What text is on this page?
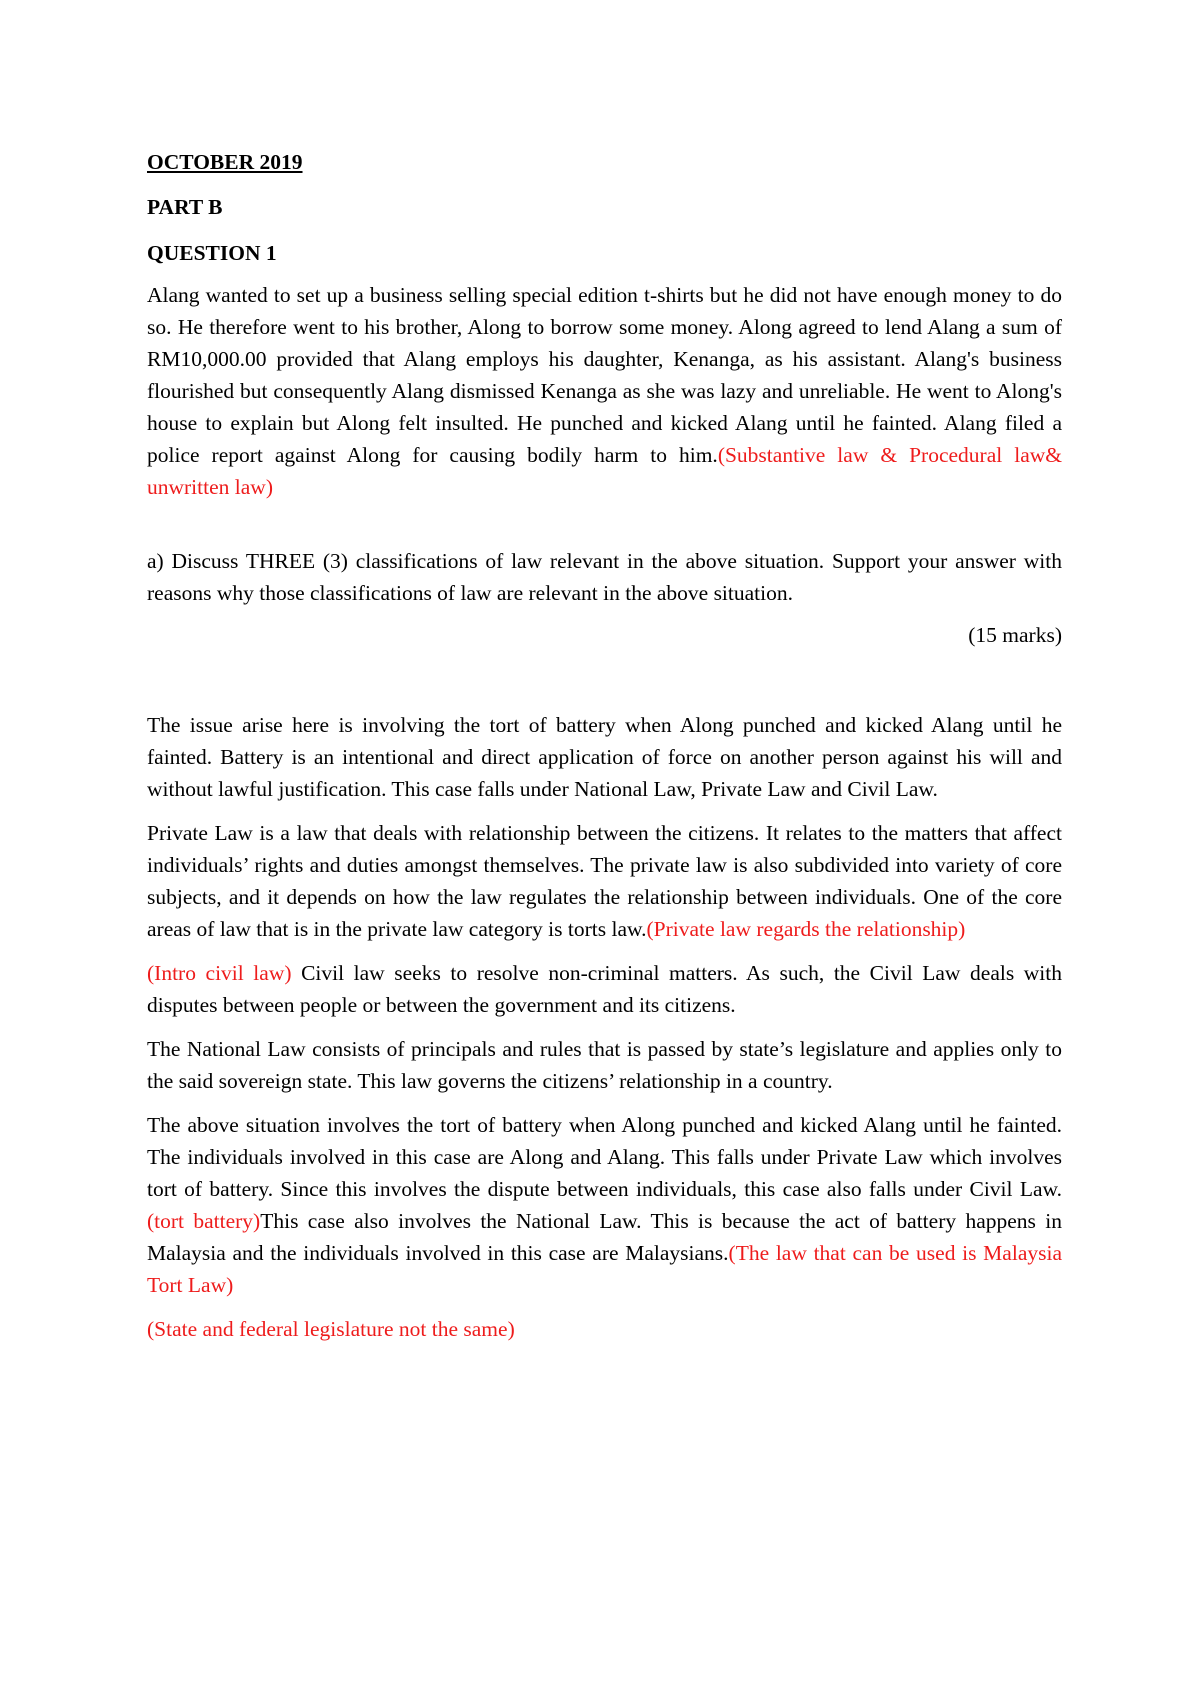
OCTOBER 2019
PART B
QUESTION 1

Alang wanted to set up a business selling special edition t-shirts but he did not have enough money to do so. He therefore went to his brother, Along to borrow some money. Along agreed to lend Alang a sum of RM10,000.00 provided that Alang employs his daughter, Kenanga, as his assistant. Alang's business flourished but consequently Alang dismissed Kenanga as she was lazy and unreliable. He went to Along's house to explain but Along felt insulted. He punched and kicked Alang until he fainted. Alang filed a police report against Along for causing bodily harm to him.(Substantive law & Procedural law& unwritten law)

a) Discuss THREE (3) classifications of law relevant in the above situation. Support your answer with reasons why those classifications of law are relevant in the above situation.

(15 marks)

The issue arise here is involving the tort of battery when Along punched and kicked Alang until he fainted. Battery is an intentional and direct application of force on another person against his will and without lawful justification. This case falls under National Law, Private Law and Civil Law.

Private Law is a law that deals with relationship between the citizens. It relates to the matters that affect individuals’ rights and duties amongst themselves. The private law is also subdivided into variety of core subjects, and it depends on how the law regulates the relationship between individuals. One of the core areas of law that is in the private law category is torts law.(Private law regards the relationship)

(Intro civil law) Civil law seeks to resolve non-criminal matters. As such, the Civil Law deals with disputes between people or between the government and its citizens.

The National Law consists of principals and rules that is passed by state’s legislature and applies only to the said sovereign state. This law governs the citizens’ relationship in a country.

The above situation involves the tort of battery when Along punched and kicked Alang until he fainted. The individuals involved in this case are Along and Alang. This falls under Private Law which involves tort of battery. Since this involves the dispute between individuals, this case also falls under Civil Law. (tort battery)This case also involves the National Law. This is because the act of battery happens in Malaysia and the individuals involved in this case are Malaysians.(The law that can be used is Malaysia Tort Law)

(State and federal legislature not the same)
